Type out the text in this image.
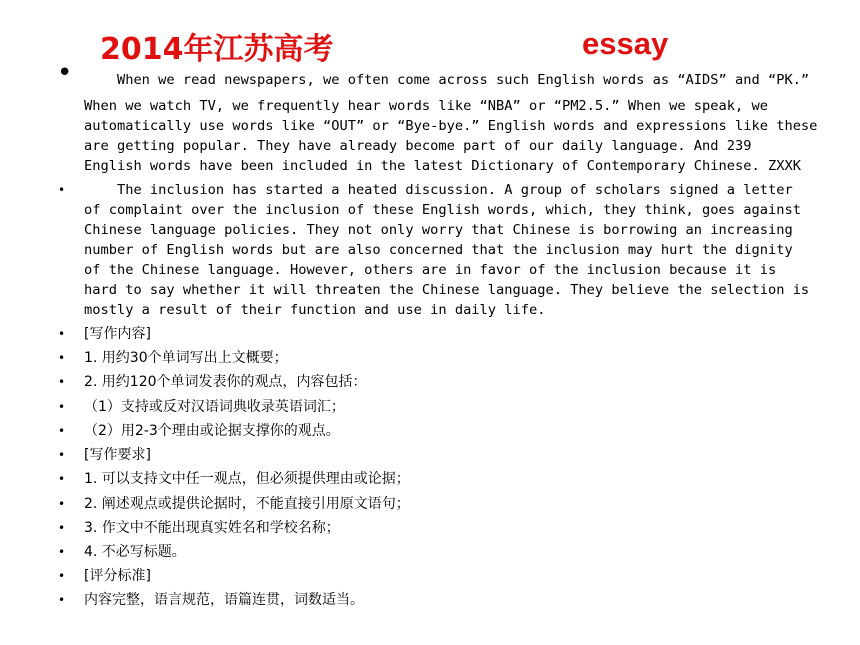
2014年江苏高考	essay
• When we read newspapers, we often come across such English words as “AIDS” and “PK.”
When we watch TV, we frequently hear words like “NBA” or “PM2.5.” When we speak, we
automatically use words like “OUT” or “Bye-bye.” English words and expressions like these
are getting popular. They have already become part of our daily language. And 239
English words have been included in the latest Dictionary of Contemporary Chinese. ZXXK
• The inclusion has started a heated discussion. A group of scholars signed a letter
of complaint over the inclusion of these English words, which, they think, goes against
Chinese language policies. They not only worry that Chinese is borrowing an increasing
number of English words but are also concerned that the inclusion may hurt the dignity
of the Chinese language. However, others are in favor of the inclusion because it is
hard to say whether it will threaten the Chinese language. They believe the selection is
mostly a result of their function and use in daily life.
• [写作内容]
• 1. 用约30个单词写出上文概要；
• 2. 用约120个单词发表你的观点，内容包括：
• （1）支持或反对汉语词典收录英语词汇；
• （2）用2-3个理由或论据支撑你的观点。
• [写作要求]
• 1. 可以支持文中任一观点，但必须提供理由或论据；
• 2. 阐述观点或提供论据时，不能直接引用原文语句；
• 3. 作文中不能出现真实姓名和学校名称；
• 4. 不必写标题。
• [评分标准]
• 内容完整，语言规范，语篇连贯，词数适当。
